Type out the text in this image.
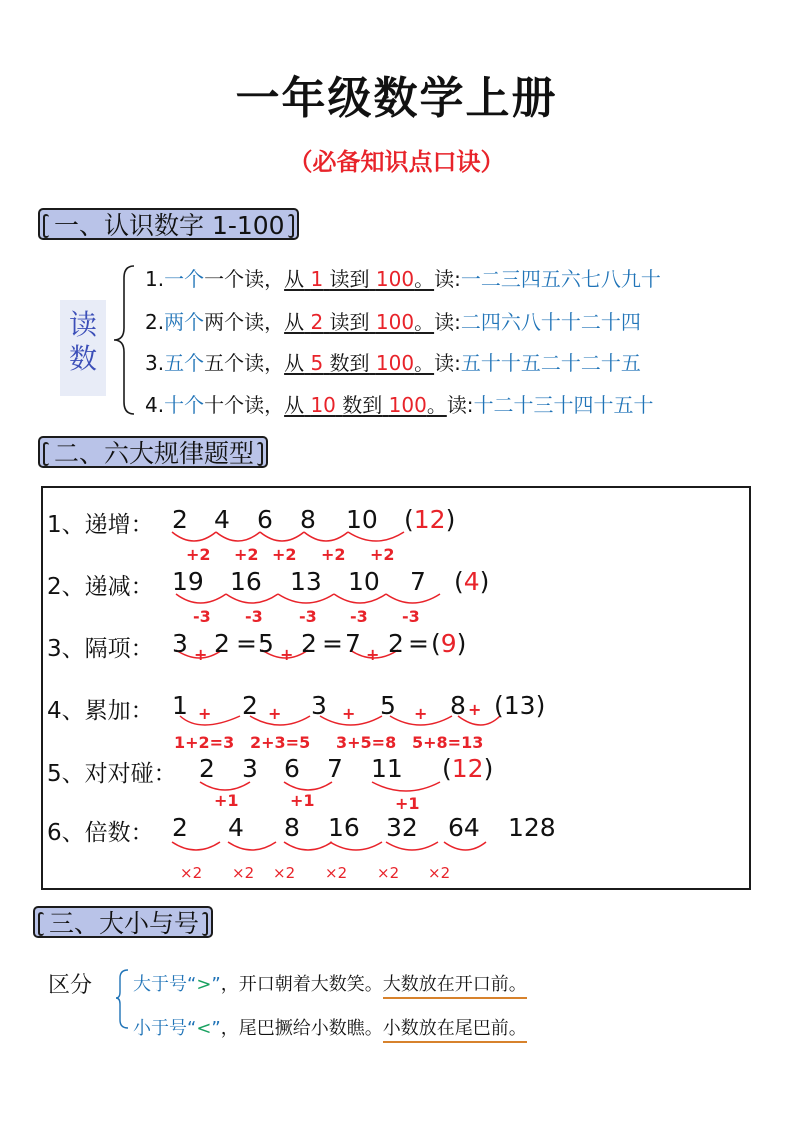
一年级数学上册
（必备知识点口诀）
一、认识数字 1-100
读数
1.一个一个读，从 1 读到 100。读:一二三四五六七八九十
2.两个两个读，从 2 读到 100。读:二四六八十十二十四
3.五个五个读，从 5 数到 100。读:五十十五二十二十五
4.十个十个读，从 10 数到 100。读:十二十三十四十五十
二、六大规律题型
1、递增： 2 4 6 8 10 (12)
+2 +2 +2 +2 +2
2、递减： 19 16 13 10 7 (4)
-3 -3 -3 -3 -3
3、隔项： 3 + 2 = 5 + 2 = 7 + 2 = (9)
4、累加： 1 + 2 + 3 + 5 + 8 + (13)
1+2=3 2+3=5 3+5=8 5+8=13
5、对对碰： 2 3 6 7 11 (12)
+1	+1	+1
6、倍数： 2 4 8 16 32 64 128
×2 ×2 ×2 ×2 ×2 ×2
三、大小与号
区分 大于号“>”，开口朝着大数笑。大数放在开口前。
小于号“<”，尾巴撅给小数瞧。小数放在尾巴前。
